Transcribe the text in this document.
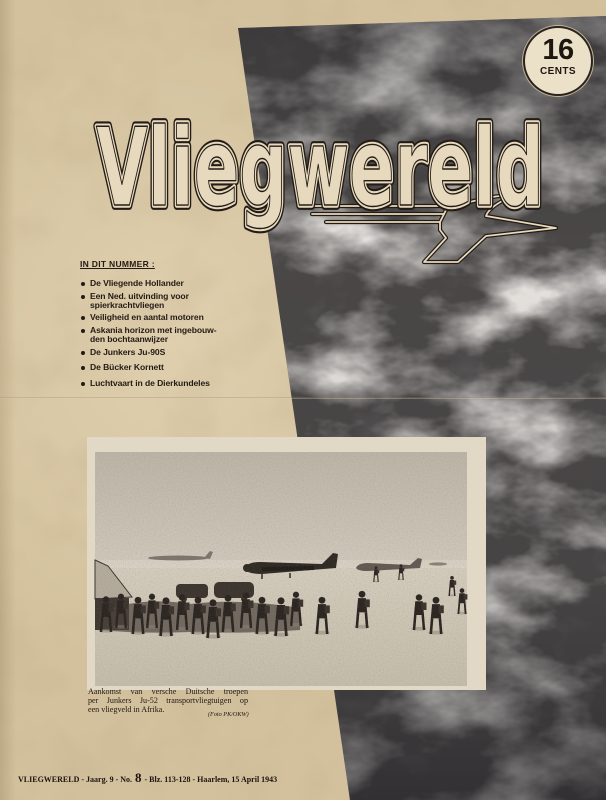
Vliegwereld
Vliegwereld
Vliegwereld
16
CENTS
IN DIT NUMMER :
De Vliegende Hollander
Een Ned. uitvinding voor
spierkrachtvliegen
Veiligheid en aantal motoren
Askania horizon met ingebouw-
den bochtaanwijzer
De Junkers Ju-90S
De Bücker Kornett
Luchtvaart in de Dierkundeles
Aankomst van versche Duitsche troepen
per Junkers Ju-52 transportvliegtuigen op
een vliegveld in Afrika.
(Foto PK/OKW)
VLIEGWERELD - Jaarg. 9 - No. 8 - Blz. 113-128 - Haarlem, 15 April 1943
